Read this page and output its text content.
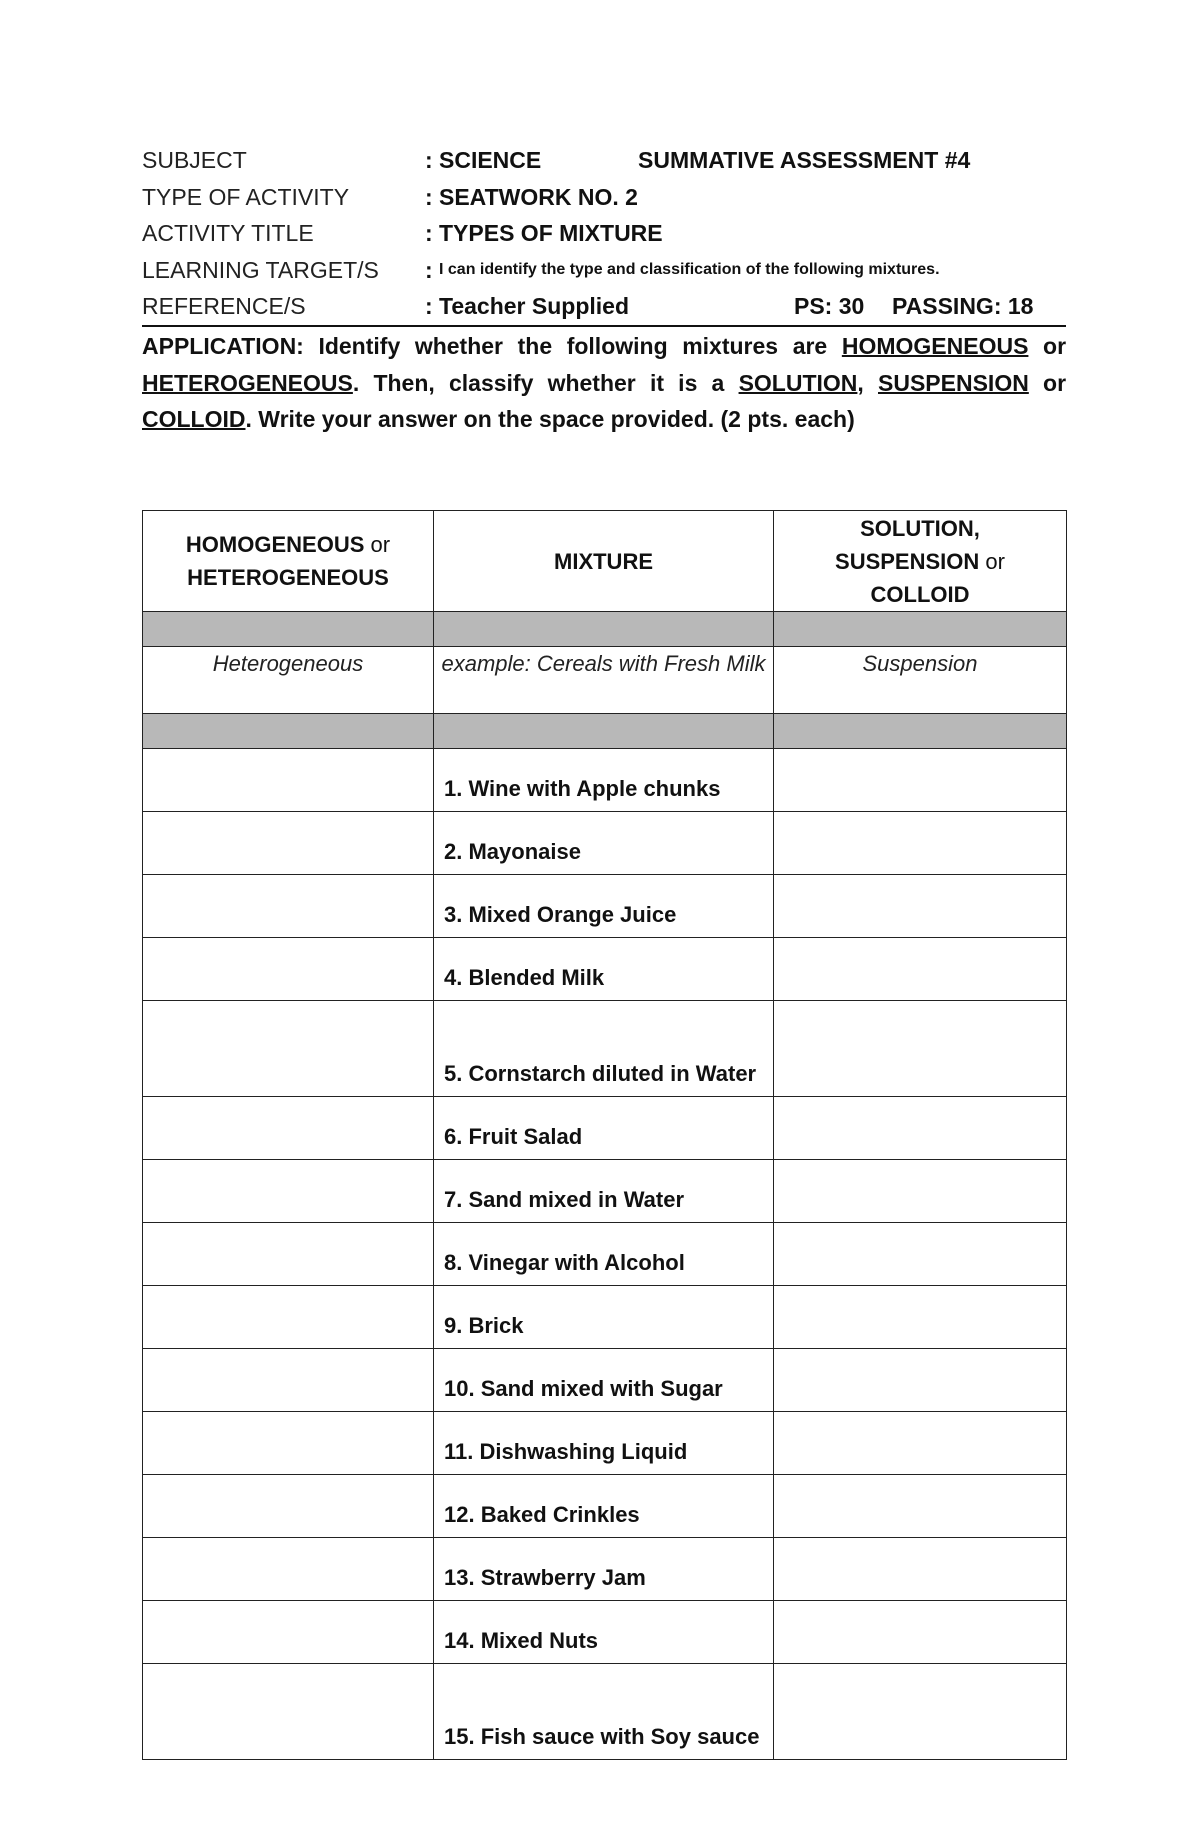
SUBJECT	: SCIENCE	SUMMATIVE ASSESSMENT #4
TYPE OF ACTIVITY	: SEATWORK NO. 2
ACTIVITY TITLE	: TYPES OF MIXTURE
LEARNING TARGET/S : I can identify the type and classification of the following mixtures.
REFERENCE/S	: Teacher Supplied	PS: 30 PASSING: 18
APPLICATION: Identify whether the following mixtures are HOMOGENEOUS or HETEROGENEOUS. Then, classify whether it is a SOLUTION, SUSPENSION or COLLOID. Write your answer on the space provided. (2 pts. each)
HOMOGENEOUS or
HETEROGENEOUS	MIXTURE	SOLUTION,
SUSPENSION or
COLLOID

Heterogeneous	example: Cereals with Fresh Milk	Suspension

	1. Wine with Apple chunks	
	2. Mayonaise	
	3. Mixed Orange Juice	
	4. Blended Milk	
	5. Cornstarch diluted in Water	
	6. Fruit Salad	
	7. Sand mixed in Water	
	8. Vinegar with Alcohol	
	9. Brick	
	10. Sand mixed with Sugar	
	11. Dishwashing Liquid	
	12. Baked Crinkles	
	13. Strawberry Jam	
	14. Mixed Nuts	
	15. Fish sauce with Soy sauce	
